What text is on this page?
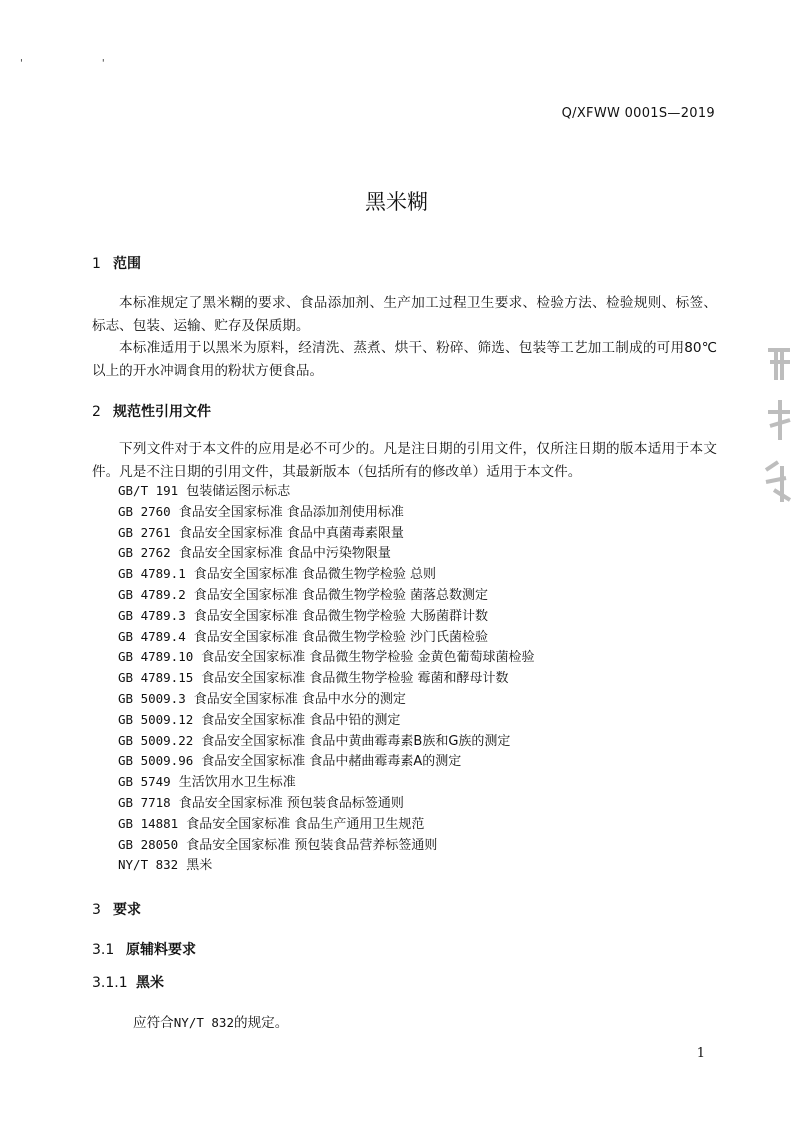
' '
Q/XFWW 0001S—2019
黑米糊
1 范围
本标准规定了黑米糊的要求、食品添加剂、生产加工过程卫生要求、检验方法、检验规则、标签、标志、包装、运输、贮存及保质期。
本标准适用于以黑米为原料，经清洗、蒸煮、烘干、粉碎、筛选、包装等工艺加工制成的可用80℃以上的开水冲调食用的粉状方便食品。
2 规范性引用文件
下列文件对于本文件的应用是必不可少的。凡是注日期的引用文件，仅所注日期的版本适用于本文件。凡是不注日期的引用文件，其最新版本（包括所有的修改单）适用于本文件。
GB/T 191 包装储运图示标志
GB 2760 食品安全国家标准 食品添加剂使用标准
GB 2761 食品安全国家标准 食品中真菌毒素限量
GB 2762 食品安全国家标准 食品中污染物限量
GB 4789.1 食品安全国家标准 食品微生物学检验 总则
GB 4789.2 食品安全国家标准 食品微生物学检验 菌落总数测定
GB 4789.3 食品安全国家标准 食品微生物学检验 大肠菌群计数
GB 4789.4 食品安全国家标准 食品微生物学检验 沙门氏菌检验
GB 4789.10 食品安全国家标准 食品微生物学检验 金黄色葡萄球菌检验
GB 4789.15 食品安全国家标准 食品微生物学检验 霉菌和酵母计数
GB 5009.3 食品安全国家标准 食品中水分的测定
GB 5009.12 食品安全国家标准 食品中铅的测定
GB 5009.22 食品安全国家标准 食品中黄曲霉毒素B族和G族的测定
GB 5009.96 食品安全国家标准 食品中赭曲霉毒素A的测定
GB 5749 生活饮用水卫生标准
GB 7718 食品安全国家标准 预包装食品标签通则
GB 14881 食品安全国家标准 食品生产通用卫生规范
GB 28050 食品安全国家标准 预包装食品营养标签通则
NY/T 832 黑米
3 要求
3.1 原辅料要求
3.1.1 黑米
应符合NY/T 832的规定。
1
